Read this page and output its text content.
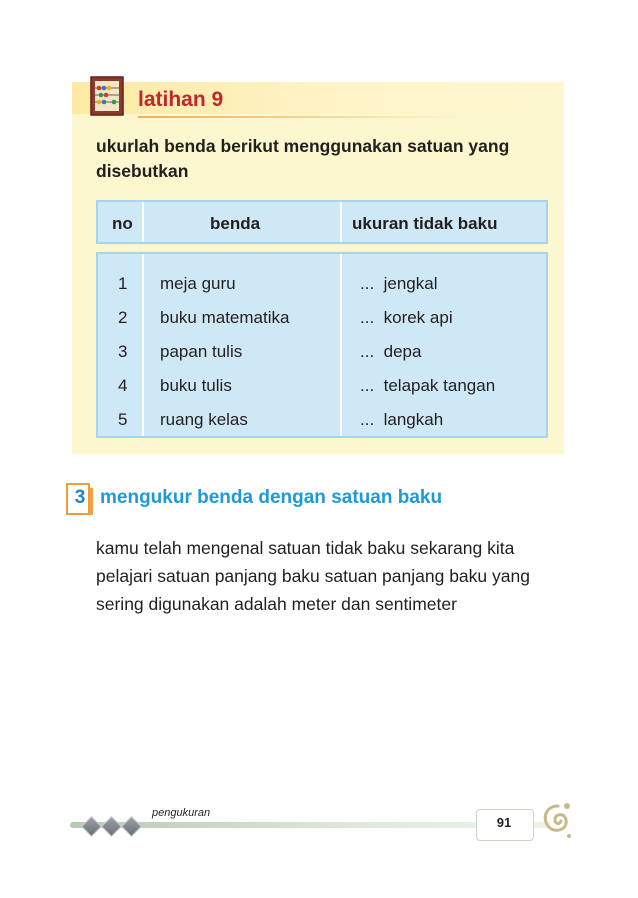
latihan 9
ukurlah benda berikut menggunakan satuan yang disebutkan
no	benda	ukuran tidak baku
1 meja guru	...  jengkal
2 buku matematika	...  korek api
3 papan tulis	...  depa
4 buku tulis	...  telapak tangan
5 ruang kelas	...  langkah
3 mengukur benda dengan satuan baku
kamu telah mengenal satuan tidak baku sekarang kita pelajari satuan panjang baku satuan panjang baku yang sering digunakan adalah meter dan sentimeter
pengukuran
91
